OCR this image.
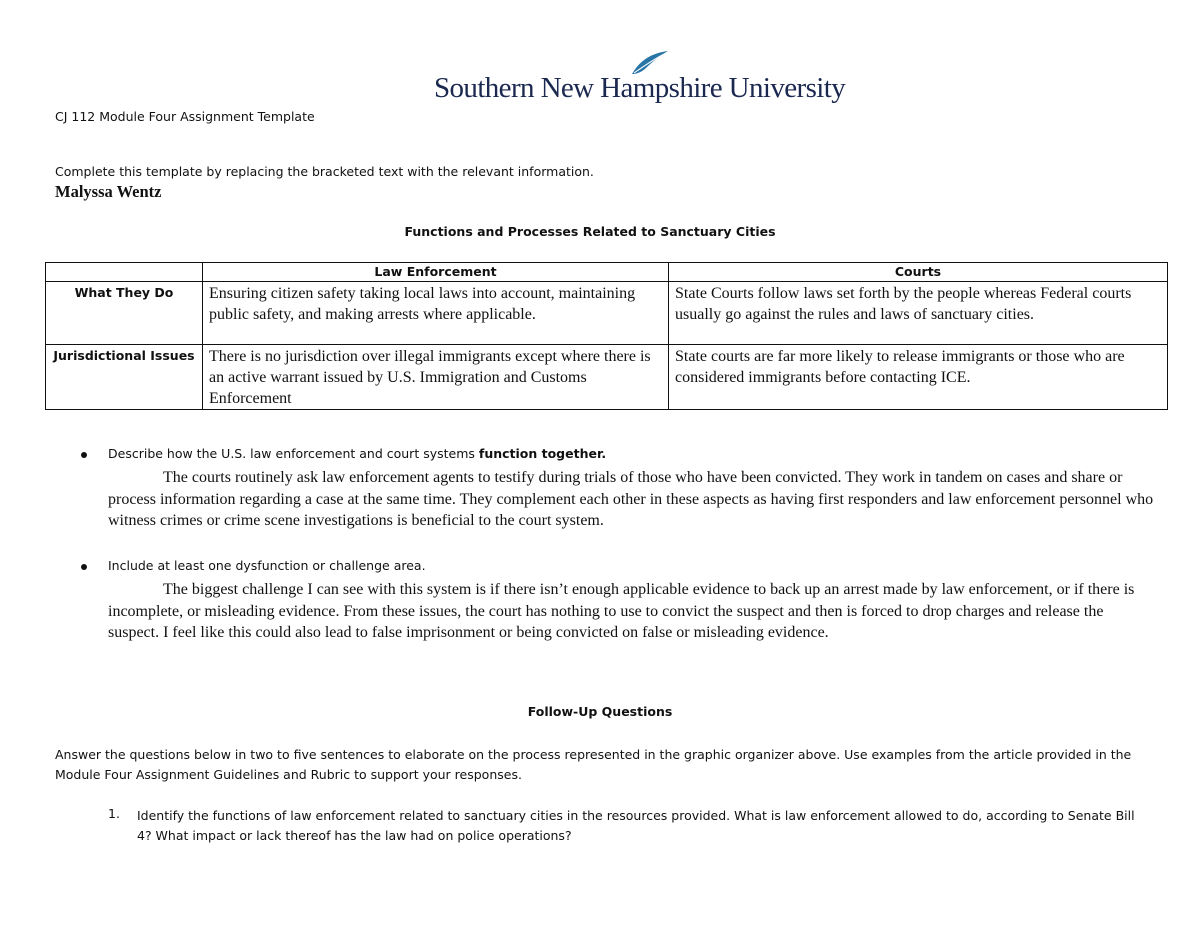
Southern New Hampshire University
CJ 112 Module Four Assignment Template
Complete this template by replacing the bracketed text with the relevant information.
Malyssa Wentz
Functions and Processes Related to Sanctuary Cities
	Law Enforcement	Courts
What They Do	Ensuring citizen safety taking local laws into account, maintaining public safety, and making arrests where applicable.	State Courts follow laws set forth by the people whereas Federal courts usually go against the rules and laws of sanctuary cities.
Jurisdictional Issues	There is no jurisdiction over illegal immigrants except where there is an active warrant issued by U.S. Immigration and Customs Enforcement	State courts are far more likely to release immigrants or those who are considered immigrants before contacting ICE.
Describe how the U.S. law enforcement and court systems function together.
The courts routinely ask law enforcement agents to testify during trials of those who have been convicted. They work in tandem on cases and share or process information regarding a case at the same time. They complement each other in these aspects as having first responders and law enforcement personnel who witness crimes or crime scene investigations is beneficial to the court system.
Include at least one dysfunction or challenge area.
The biggest challenge I can see with this system is if there isn’t enough applicable evidence to back up an arrest made by law enforcement, or if there is incomplete, or misleading evidence. From these issues, the court has nothing to use to convict the suspect and then is forced to drop charges and release the suspect. I feel like this could also lead to false imprisonment or being convicted on false or misleading evidence.
Follow-Up Questions
Answer the questions below in two to five sentences to elaborate on the process represented in the graphic organizer above. Use examples from the article provided in the Module Four Assignment Guidelines and Rubric to support your responses.
1. Identify the functions of law enforcement related to sanctuary cities in the resources provided. What is law enforcement allowed to do, according to Senate Bill 4? What impact or lack thereof has the law had on police operations?
